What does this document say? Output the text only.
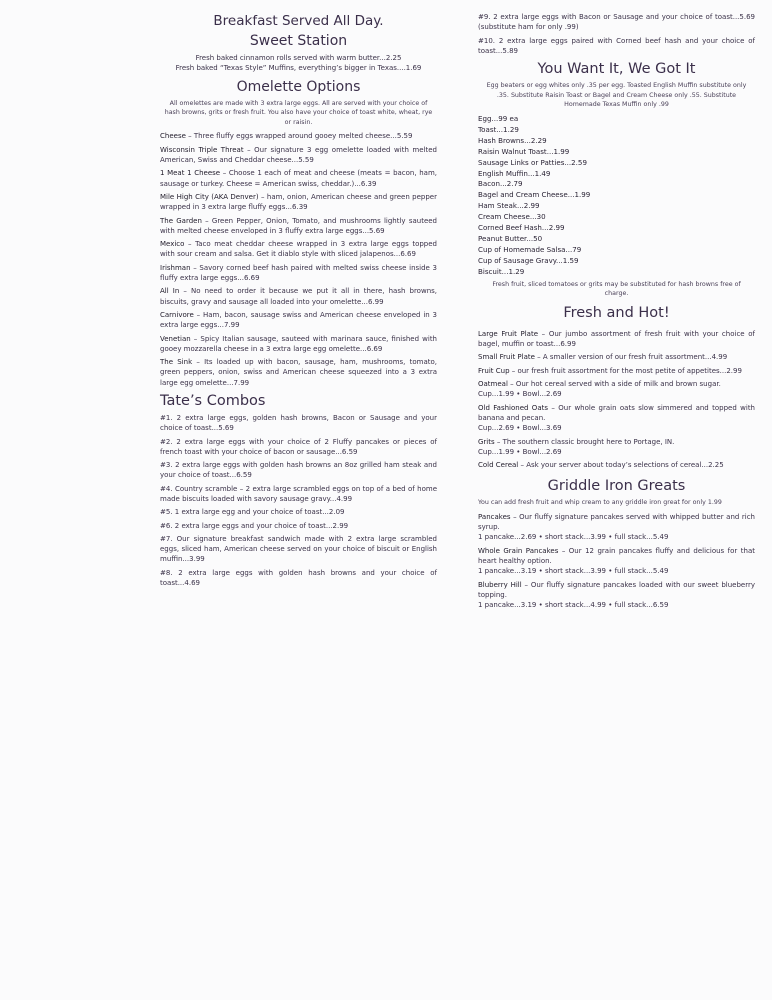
Breakfast Served All Day.
Sweet Station
Fresh baked cinnamon rolls served with warm butter...2.25
Fresh baked “Texas Style” Muffins, everything’s bigger in Texas....1.69
Omelette Options
All omelettes are made with 3 extra large eggs. All are served with your choice of hash browns, grits or fresh fruit. You also have your choice of toast white, wheat, rye or raisin.
Cheese – Three fluffy eggs wrapped around gooey melted cheese...5.59
Wisconsin Triple Threat – Our signature 3 egg omelette loaded with melted American, Swiss and Cheddar cheese...5.59
1 Meat 1 Cheese – Choose 1 each of meat and cheese (meats = bacon, ham, sausage or turkey. Cheese = American swiss, cheddar.)...6.39
Mile High City (AKA Denver) – ham, onion, American cheese and green pepper wrapped in 3 extra large fluffy eggs...6.39
The Garden – Green Pepper, Onion, Tomato, and mushrooms lightly sauteed with melted cheese enveloped in 3 fluffy extra large eggs...5.69
Mexico – Taco meat cheddar cheese wrapped in 3 extra large eggs topped with sour cream and salsa. Get it diablo style with sliced jalapenos...6.69
Irishman – Savory corned beef hash paired with melted swiss cheese inside 3 fluffy extra large eggs...6.69
All In – No need to order it because we put it all in there, hash browns, biscuits, gravy and sausage all loaded into your omelette...6.99
Carnivore – Ham, bacon, sausage swiss and American cheese enveloped in 3 extra large eggs...7.99
Venetian – Spicy Italian sausage, sauteed with marinara sauce, finished with gooey mozzarella cheese in a 3 extra large egg omelette...6.69
The Sink – Its loaded up with bacon, sausage, ham, mushrooms, tomato, green peppers, onion, swiss and American cheese squeezed into a 3 extra large egg omelette...7.99
Tate’s Combos
#1. 2 extra large eggs, golden hash browns, Bacon or Sausage and your choice of toast...5.69
#2. 2 extra large eggs with your choice of 2 Fluffy pancakes or pieces of french toast with your choice of bacon or sausage...6.59
#3. 2 extra large eggs with golden hash browns an 8oz grilled ham steak and your choice of toast...6.59
#4. Country scramble – 2 extra large scrambled eggs on top of a bed of home made biscuits loaded with savory sausage gravy...4.99
#5. 1 extra large egg and your choice of toast...2.09
#6. 2 extra large eggs and your choice of toast...2.99
#7. Our signature breakfast sandwich made with 2 extra large scrambled eggs, sliced ham, American cheese served on your choice of biscuit or English muffin...3.99
#8. 2 extra large eggs with golden hash browns and your choice of toast...4.69
#9. 2 extra large eggs with Bacon or Sausage and your choice of toast...5.69 (substitute ham for only .99)
#10. 2 extra large eggs paired with Corned beef hash and your choice of toast...5.89
You Want It, We Got It
Egg beaters or egg whites only .35 per egg. Toasted English Muffin substitute only .35. Substitute Raisin Toast or Bagel and Cream Cheese only .55. Substitute Homemade Texas Muffin only .99
Egg...99 ea
Toast...1.29
Hash Browns...2.29
Raisin Walnut Toast...1.99
Sausage Links or Patties...2.59
English Muffin...1.49
Bacon...2.79
Bagel and Cream Cheese...1.99
Ham Steak...2.99
Cream Cheese...30
Corned Beef Hash...2.99
Peanut Butter...50
Cup of Homemade Salsa...79
Cup of Sausage Gravy...1.59
Biscuit...1.29
Fresh fruit, sliced tomatoes or grits may be substituted for hash browns free of charge.
Fresh and Hot!
Large Fruit Plate – Our jumbo assortment of fresh fruit with your choice of bagel, muffin or toast...6.99
Small Fruit Plate – A smaller version of our fresh fruit assortment...4.99
Fruit Cup – our fresh fruit assortment for the most petite of appetites...2.99
Oatmeal – Our hot cereal served with a side of milk and brown sugar.
Cup...1.99 • Bowl...2.69
Old Fashioned Oats – Our whole grain oats slow simmered and topped with banana and pecan.
Cup...2.69 • Bowl...3.69
Grits – The southern classic brought here to Portage, IN.
Cup...1.99 • Bowl...2.69
Cold Cereal – Ask your server about today’s selections of cereal...2.25
Griddle Iron Greats
You can add fresh fruit and whip cream to any griddle iron great for only 1.99
Pancakes – Our fluffy signature pancakes served with whipped butter and rich syrup.
1 pancake...2.69 • short stack...3.99 • full stack...5.49
Whole Grain Pancakes – Our 12 grain pancakes fluffy and delicious for that heart healthy option.
1 pancake...3.19 • short stack...3.99 • full stack...5.49
Bluberry Hill – Our fluffy signature pancakes loaded with our sweet blueberry topping.
1 pancake...3.19 • short stack...4.99 • full stack...6.59
